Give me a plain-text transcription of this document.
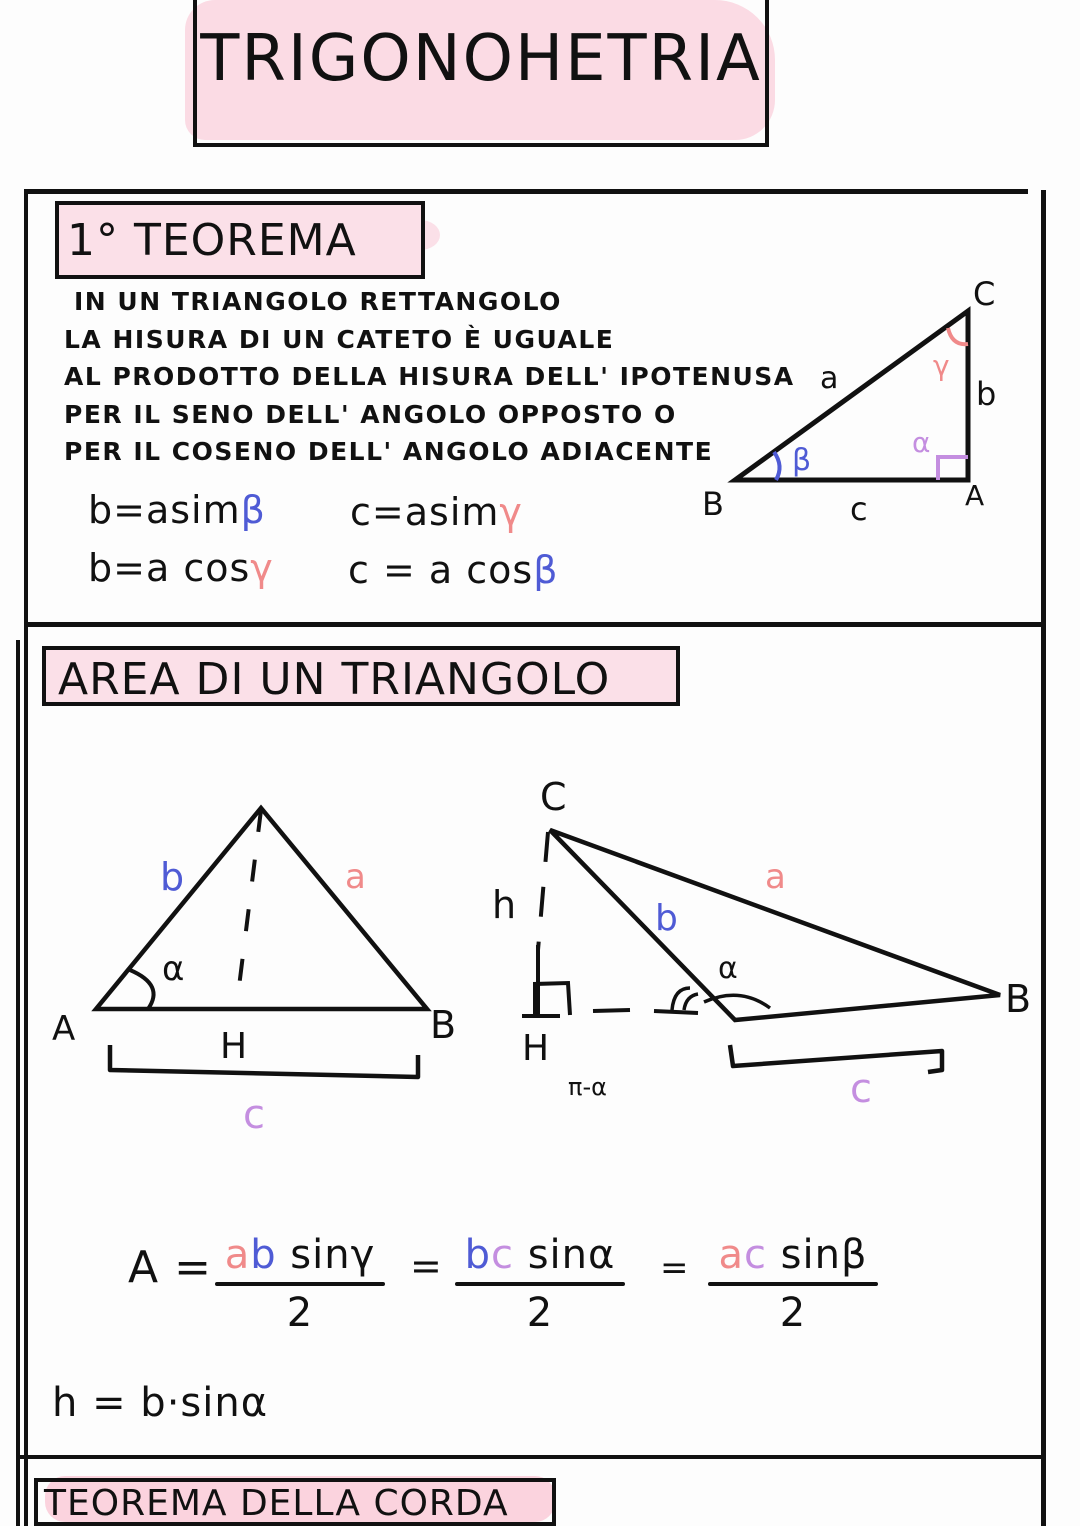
TRIGONOHETRIA
1° TEOREMA
IN UN TRIANGOLO RETTANGOLO
LA HISURA DI UN CATETO È UGUALE
AL PRODOTTO DELLA HISURA DELL' IPOTENUSA
PER IL SENO DELL' ANGOLO OPPOSTO O
PER IL COSENO DELL' ANGOLO ADIACENTE
b=asimβ c=asimγ
b=a cosγ c = a cosβ
C
a	b
c
B	A
β
γ
α
AREA DI UN TRIANGOLO
b	a
α
A	B
H
c
C
h	b
a
α
B
H
π-α	c
A = ab sinγ
2
= bc sinα
2
= ac sinβ
2
h = b·sinα
TEOREMA DELLA CORDA
